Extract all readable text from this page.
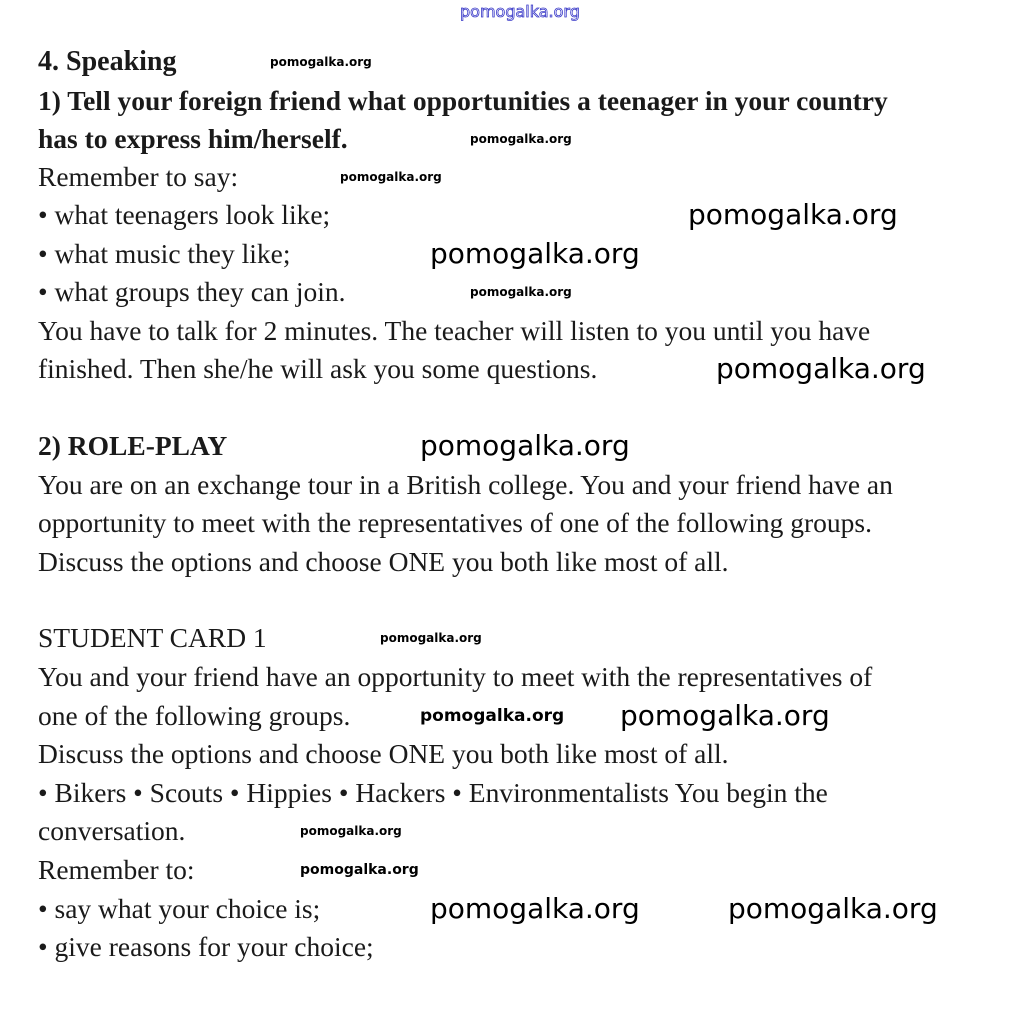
pomogalka.org
4. Speaking
1) Tell your foreign friend what opportunities a teenager in your country
has to express him/herself.
Remember to say:
• what teenagers look like;
• what music they like;
• what groups they can join.
You have to talk for 2 minutes. The teacher will listen to you until you have
finished. Then she/he will ask you some questions.
2) ROLE-PLAY
You are on an exchange tour in a British college. You and your friend have an
opportunity to meet with the representatives of one of the following groups.
Discuss the options and choose ONE you both like most of all.
STUDENT CARD 1
You and your friend have an opportunity to meet with the representatives of
one of the following groups.
Discuss the options and choose ONE you both like most of all.
• Bikers • Scouts • Hippies • Hackers • Environmentalists You begin the
conversation.
Remember to:
• say what your choice is;
• give reasons for your choice;
pomogalka.org
pomogalka.org
pomogalka.org
pomogalka.org
pomogalka.org
pomogalka.org
pomogalka.org
pomogalka.org
pomogalka.org
pomogalka.org
pomogalka.org
pomogalka.org
pomogalka.org
pomogalka.org	pomogalka.org
